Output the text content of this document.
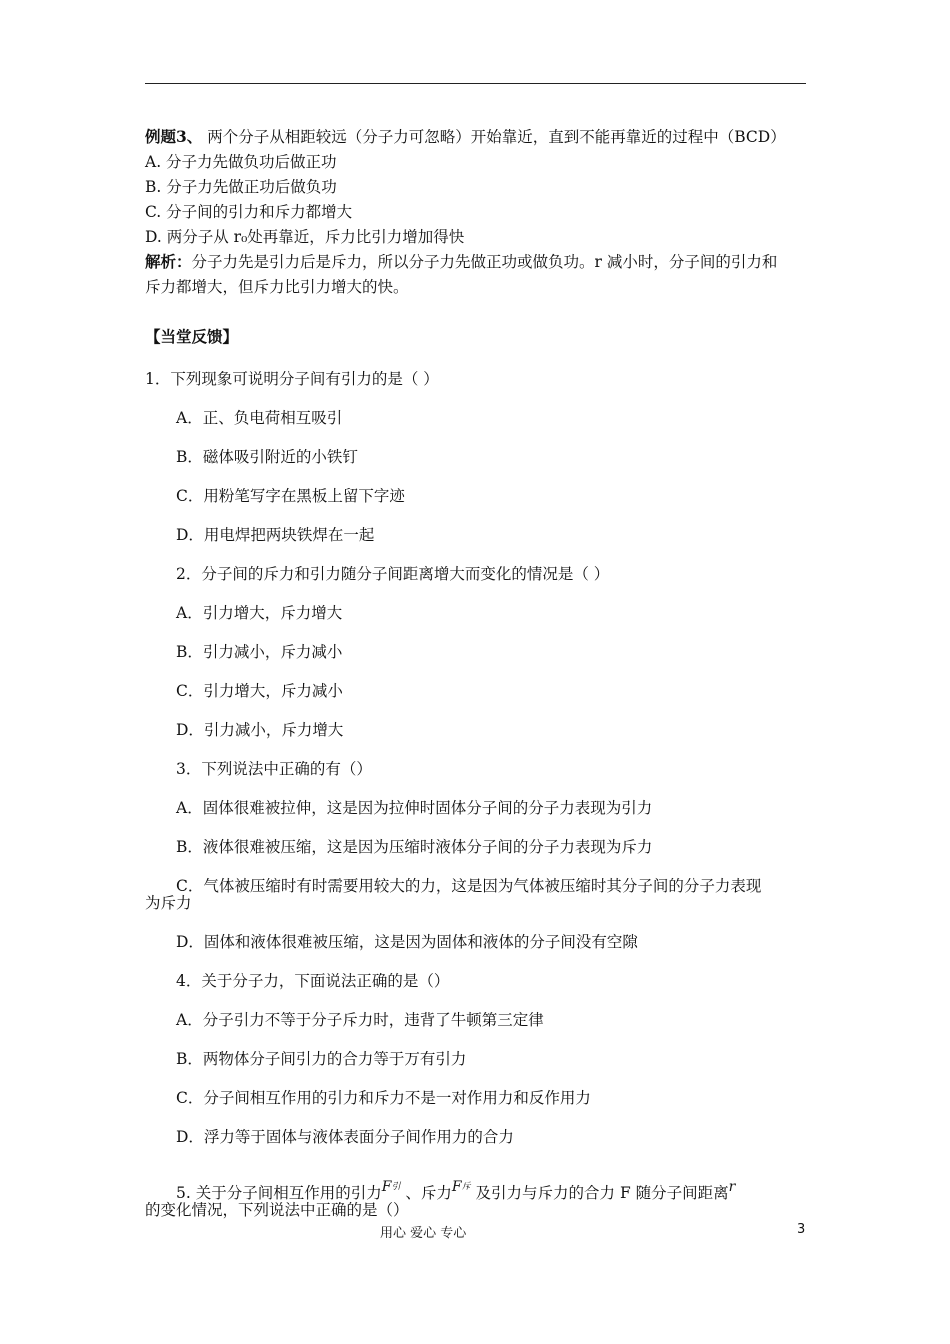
例题3、 两个分子从相距较远（分子力可忽略）开始靠近，直到不能再靠近的过程中（BCD）
A. 分子力先做负功后做正功
B. 分子力先做正功后做负功
C. 分子间的引力和斥力都增大
D. 两分子从 r₀处再靠近，斥力比引力增加得快
解析：分子力先是引力后是斥力，所以分子力先做正功或做负功。r 减小时，分子间的引力和
斥力都增大，但斥力比引力增大的快。
【当堂反馈】
1．下列现象可说明分子间有引力的是（ ）
A．正、负电荷相互吸引
B．磁体吸引附近的小铁钉
C．用粉笔写字在黑板上留下字迹
D．用电焊把两块铁焊在一起
2．分子间的斥力和引力随分子间距离增大而变化的情况是（ ）
A．引力增大，斥力增大
B．引力减小，斥力减小
C．引力增大，斥力减小
D．引力减小，斥力增大
3．下列说法中正确的有（）
A．固体很难被拉伸，这是因为拉伸时固体分子间的分子力表现为引力
B．液体很难被压缩，这是因为压缩时液体分子间的分子力表现为斥力
C．气体被压缩时有时需要用较大的力，这是因为气体被压缩时其分子间的分子力表现
为斥力
D．固体和液体很难被压缩，这是因为固体和液体的分子间没有空隙
4．关于分子力，下面说法正确的是（）
A．分子引力不等于分子斥力时，违背了牛顿第三定律
B．两物体分子间引力的合力等于万有引力
C．分子间相互作用的引力和斥力不是一对作用力和反作用力
D．浮力等于固体与液体表面分子间作用力的合力
5. 关于分子间相互作用的引力F引 、斥力F斥 及引力与斥力的合力 F 随分子间距离r
的变化情况，下列说法中正确的是（）
用心 爱心 专心	3
